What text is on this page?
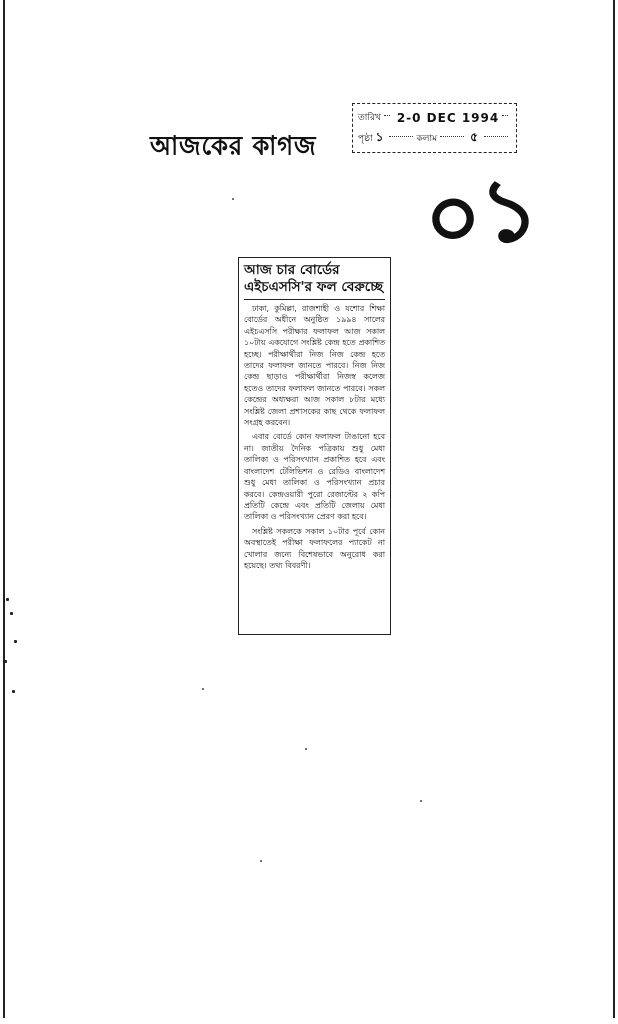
আজকের কাগজ
তারিখ 2-0 DEC 1994
পৃষ্ঠা ১	কলাম	৫
০১
আজ চার বোর্ডের
এইচএসসি'র ফল বেরুচ্ছে

ঢাকা, কুমিল্লা, রাজশাহী ও যশোর শিক্ষা বোর্ডের অধীনে অনুষ্ঠিত ১৯৯৪ সালের এইচএসসি পরীক্ষার ফলাফল আজ সকাল ১০টায় একযোগে সংশ্লিষ্ট কেন্দ্র হতে প্রকাশিত হচ্ছে। পরীক্ষার্থীরা নিজ নিজ কেন্দ্র হতে তাদের ফলাফল জানতে পারবে। নিজ নিজ কেন্দ্র ছাড়াও পরীক্ষার্থীরা নিজস্ব কলেজ হতেও তাদের ফলাফল জানতে পারবে। সকল কেন্দ্রের অধ্যক্ষরা আজ সকাল ৮টার মধ্যে সংশ্লিষ্ট জেলা প্রশাসকের কাছ থেকে ফলাফল সংগ্রহ করবেন।

এবার বোর্ডে কোন ফলাফল টাঙানো হবে না। জাতীয় দৈনিক পত্রিকায় শুধু মেধা তালিকা ও পরিসংখ্যান প্রকাশিত হবে এবং বাংলাদেশ টেলিভিশন ও রেডিও বাংলাদেশ শুধু মেধা তালিকা ও পরিসংখ্যান প্রচার করবে। কেন্দ্রওয়ারী পুরো রেজাল্টের ২ কপি প্রতিটি কেন্দ্রে এবং প্রতিটি জেলায় মেধা তালিকা ও পরিসংখ্যান প্রেরণ করা হবে।

সংশ্লিষ্ট সকলকে সকাল ১০টার পূর্বে কোন অবস্থাতেই পরীক্ষা ফলাফলের প্যাকেট না খোলার জন্যে বিশেষভাবে অনুরোধ করা হয়েছে। তথ্য বিবরণী।
